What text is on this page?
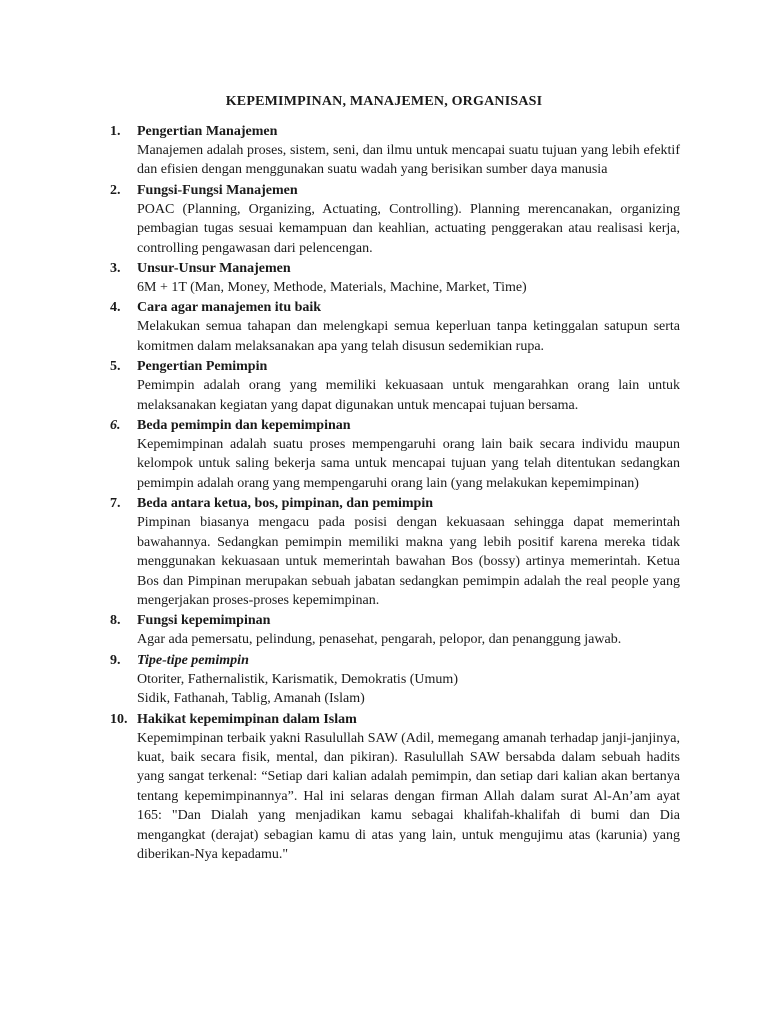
KEPEMIMPINAN, MANAJEMEN, ORGANISASI
1.	Pengertian Manajemen

Manajemen adalah proses, sistem, seni, dan ilmu untuk mencapai suatu tujuan yang lebih efektif dan efisien dengan menggunakan suatu wadah yang berisikan sumber daya manusia

2.	Fungsi-Fungsi Manajemen

POAC (Planning, Organizing, Actuating, Controlling). Planning merencanakan, organizing pembagian tugas sesuai kemampuan dan keahlian, actuating penggerakan atau realisasi kerja, controlling pengawasan dari pelencengan.

3.	Unsur-Unsur Manajemen

6M + 1T (Man, Money, Methode, Materials, Machine, Market, Time)

4.	Cara agar manajemen itu baik

Melakukan semua tahapan dan melengkapi semua keperluan tanpa ketinggalan satupun serta komitmen dalam melaksanakan apa yang telah disusun sedemikian rupa.

5.	Pengertian Pemimpin

Pemimpin adalah orang yang memiliki kekuasaan untuk mengarahkan orang lain untuk melaksanakan kegiatan yang dapat digunakan untuk mencapai tujuan bersama.

6.	Beda pemimpin dan kepemimpinan

Kepemimpinan adalah suatu proses mempengaruhi orang lain baik secara individu maupun kelompok untuk saling bekerja sama untuk mencapai tujuan yang telah ditentukan sedangkan pemimpin adalah orang yang mempengaruhi orang lain (yang melakukan kepemimpinan)

7.	Beda antara ketua, bos, pimpinan, dan pemimpin

Pimpinan biasanya mengacu pada posisi dengan kekuasaan sehingga dapat memerintah bawahannya. Sedangkan pemimpin memiliki makna yang lebih positif karena mereka tidak menggunakan kekuasaan untuk memerintah bawahan Bos (bossy) artinya memerintah. Ketua Bos dan Pimpinan merupakan sebuah jabatan sedangkan pemimpin adalah the real people yang mengerjakan proses-proses kepemimpinan.

8.	Fungsi kepemimpinan

Agar ada pemersatu, pelindung, penasehat, pengarah, pelopor, dan penanggung jawab.

9.	Tipe-tipe pemimpin

Otoriter, Fathernalistik, Karismatik, Demokratis (Umum)

Sidik, Fathanah, Tablig, Amanah (Islam)

10. Hakikat kepemimpinan dalam Islam

Kepemimpinan terbaik yakni Rasulullah SAW (Adil, memegang amanah terhadap janji-janjinya, kuat, baik secara fisik, mental, dan pikiran). Rasulullah SAW bersabda dalam sebuah hadits yang sangat terkenal: “Setiap dari kalian adalah pemimpin, dan setiap dari kalian akan bertanya tentang kepemimpinannya”. Hal ini selaras dengan firman Allah dalam surat Al-An’am ayat 165: "Dan Dialah yang menjadikan kamu sebagai khalifah-khalifah di bumi dan Dia mengangkat (derajat) sebagian kamu di atas yang lain, untuk mengujimu atas (karunia) yang diberikan-Nya kepadamu."
